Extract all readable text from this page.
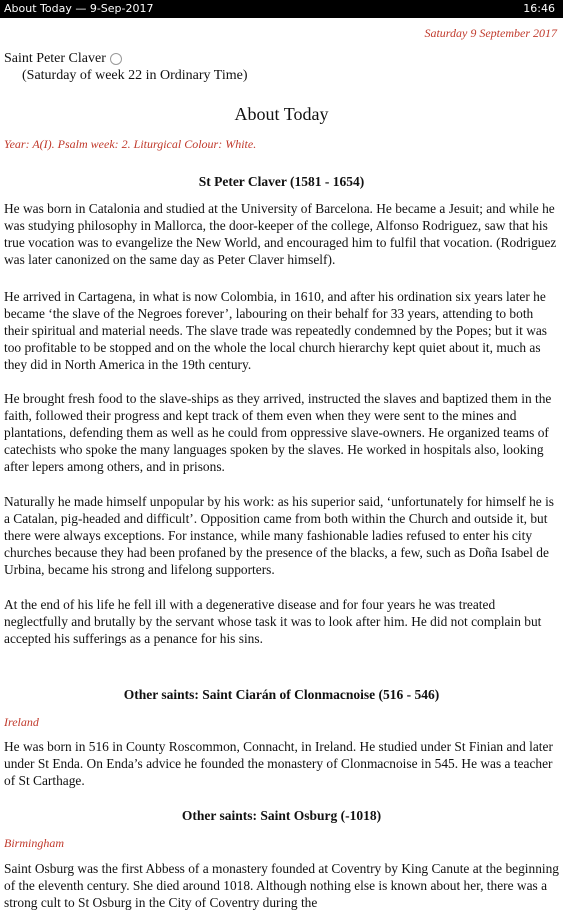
About Today — 9-Sep-2017	16:46
Saturday 9 September 2017
Saint Peter Claver
(Saturday of week 22 in Ordinary Time)
About Today
Year: A(I). Psalm week: 2. Liturgical Colour: White.
St Peter Claver (1581 - 1654)

He was born in Catalonia and studied at the University of Barcelona. He became a Jesuit; and while he was studying philosophy in Mallorca, the door-keeper of the college, Alfonso Rodriguez, saw that his true vocation was to evangelize the New World, and encouraged him to fulfil that vocation. (Rodriguez was later canonized on the same day as Peter Claver himself).

He arrived in Cartagena, in what is now Colombia, in 1610, and after his ordination six years later he became ‘the slave of the Negroes forever’, labouring on their behalf for 33 years, attending to both their spiritual and material needs. The slave trade was repeatedly condemned by the Popes; but it was too profitable to be stopped and on the whole the local church hierarchy kept quiet about it, much as they did in North America in the 19th century.

He brought fresh food to the slave-ships as they arrived, instructed the slaves and baptized them in the faith, followed their progress and kept track of them even when they were sent to the mines and plantations, defending them as well as he could from oppressive slave-owners. He organized teams of catechists who spoke the many languages spoken by the slaves. He worked in hospitals also, looking after lepers among others, and in prisons.

Naturally he made himself unpopular by his work: as his superior said, ‘unfortunately for himself he is a Catalan, pig-headed and difficult’. Opposition came from both within the Church and outside it, but there were always exceptions. For instance, while many fashionable ladies refused to enter his city churches because they had been profaned by the presence of the blacks, a few, such as Doña Isabel de Urbina, became his strong and lifelong supporters.

At the end of his life he fell ill with a degenerative disease and for four years he was treated neglectfully and brutally by the servant whose task it was to look after him. He did not complain but accepted his sufferings as a penance for his sins.

Other saints: Saint Ciarán of Clonmacnoise (516 - 546)
Ireland

He was born in 516 in County Roscommon, Connacht, in Ireland. He studied under St Finian and later under St Enda. On Enda’s advice he founded the monastery of Clonmacnoise in 545. He was a teacher of St Carthage.

Other saints: Saint Osburg (-1018)
Birmingham

Saint Osburg was the first Abbess of a monastery founded at Coventry by King Canute at the beginning of the eleventh century. She died around 1018. Although nothing else is known about her, there was a strong cult to St Osburg in the City of Coventry during the
